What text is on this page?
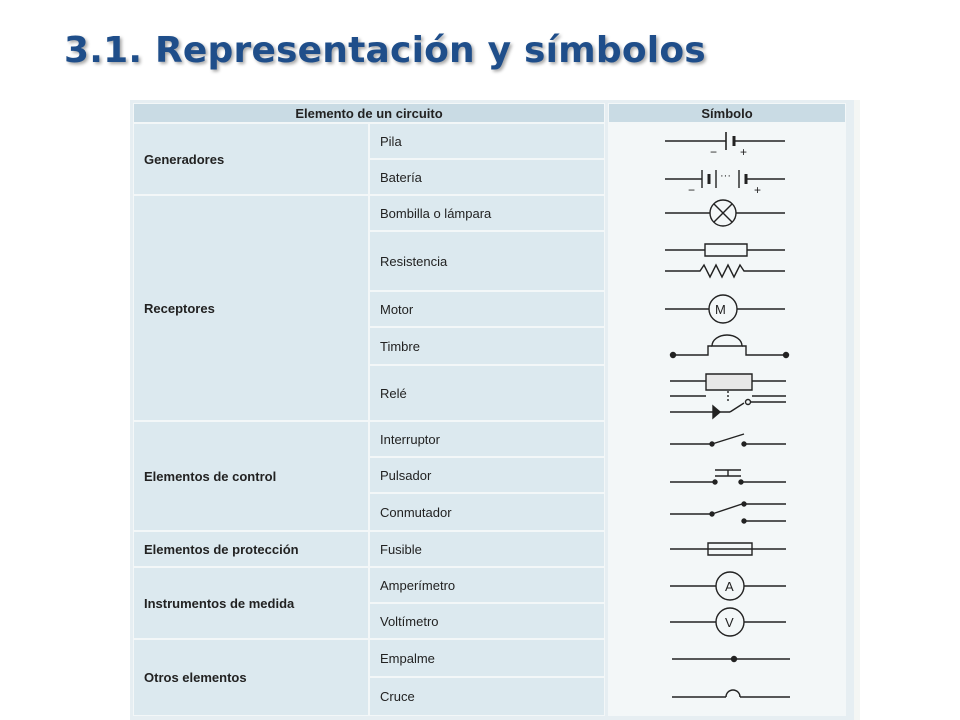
3.1. Representación y símbolos
Elemento de un circuito	Símbolo
Generadores
Receptores
Elementos de control
Elementos de protección
Instrumentos de medida
Otros elementos
Pila
Batería
Bombilla o lámpara
Resistencia
Motor
Timbre
Relé
Interruptor
Pulsador
Conmutador
Fusible
Amperímetro
Voltímetro
Empalme
Cruce
− +
···
−	+
M
A
V
